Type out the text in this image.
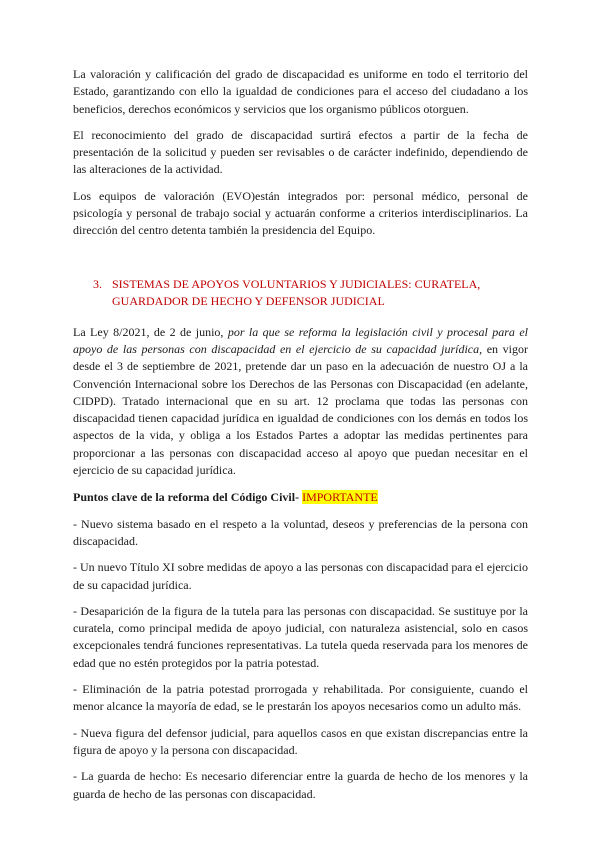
La valoración y calificación del grado de discapacidad es uniforme en todo el territorio del Estado, garantizando con ello la igualdad de condiciones para el acceso del ciudadano a los beneficios, derechos económicos y servicios que los organismo públicos otorguen.

El reconocimiento del grado de discapacidad surtirá efectos a partir de la fecha de presentación de la solicitud y pueden ser revisables o de carácter indefinido, dependiendo de las alteraciones de la actividad.

Los equipos de valoración (EVO)están integrados por: personal médico, personal de psicología y personal de trabajo social y actuarán conforme a criterios interdisciplinarios. La dirección del centro detenta también la presidencia del Equipo.

3. SISTEMAS DE APOYOS VOLUNTARIOS Y JUDICIALES: CURATELA, GUARDADOR DE HECHO Y DEFENSOR JUDICIAL

La Ley 8/2021, de 2 de junio, por la que se reforma la legislación civil y procesal para el apoyo de las personas con discapacidad en el ejercicio de su capacidad jurídica, en vigor desde el 3 de septiembre de 2021, pretende dar un paso en la adecuación de nuestro OJ a la Convención Internacional sobre los Derechos de las Personas con Discapacidad (en adelante, CIDPD). Tratado internacional que en su art. 12 proclama que todas las personas con discapacidad tienen capacidad jurídica en igualdad de condiciones con los demás en todos los aspectos de la vida, y obliga a los Estados Partes a adoptar las medidas pertinentes para proporcionar a las personas con discapacidad acceso al apoyo que puedan necesitar en el ejercicio de su capacidad jurídica.

Puntos clave de la reforma del Código Civil- IMPORTANTE

- Nuevo sistema basado en el respeto a la voluntad, deseos y preferencias de la persona con discapacidad.

- Un nuevo Título XI sobre medidas de apoyo a las personas con discapacidad para el ejercicio de su capacidad jurídica.

- Desaparición de la figura de la tutela para las personas con discapacidad. Se sustituye por la curatela, como principal medida de apoyo judicial, con naturaleza asistencial, solo en casos excepcionales tendrá funciones representativas. La tutela queda reservada para los menores de edad que no estén protegidos por la patria potestad.

- Eliminación de la patria potestad prorrogada y rehabilitada. Por consiguiente, cuando el menor alcance la mayoría de edad, se le prestarán los apoyos necesarios como un adulto más.

- Nueva figura del defensor judicial, para aquellos casos en que existan discrepancias entre la figura de apoyo y la persona con discapacidad.

- La guarda de hecho: Es necesario diferenciar entre la guarda de hecho de los menores y la guarda de hecho de las personas con discapacidad.
